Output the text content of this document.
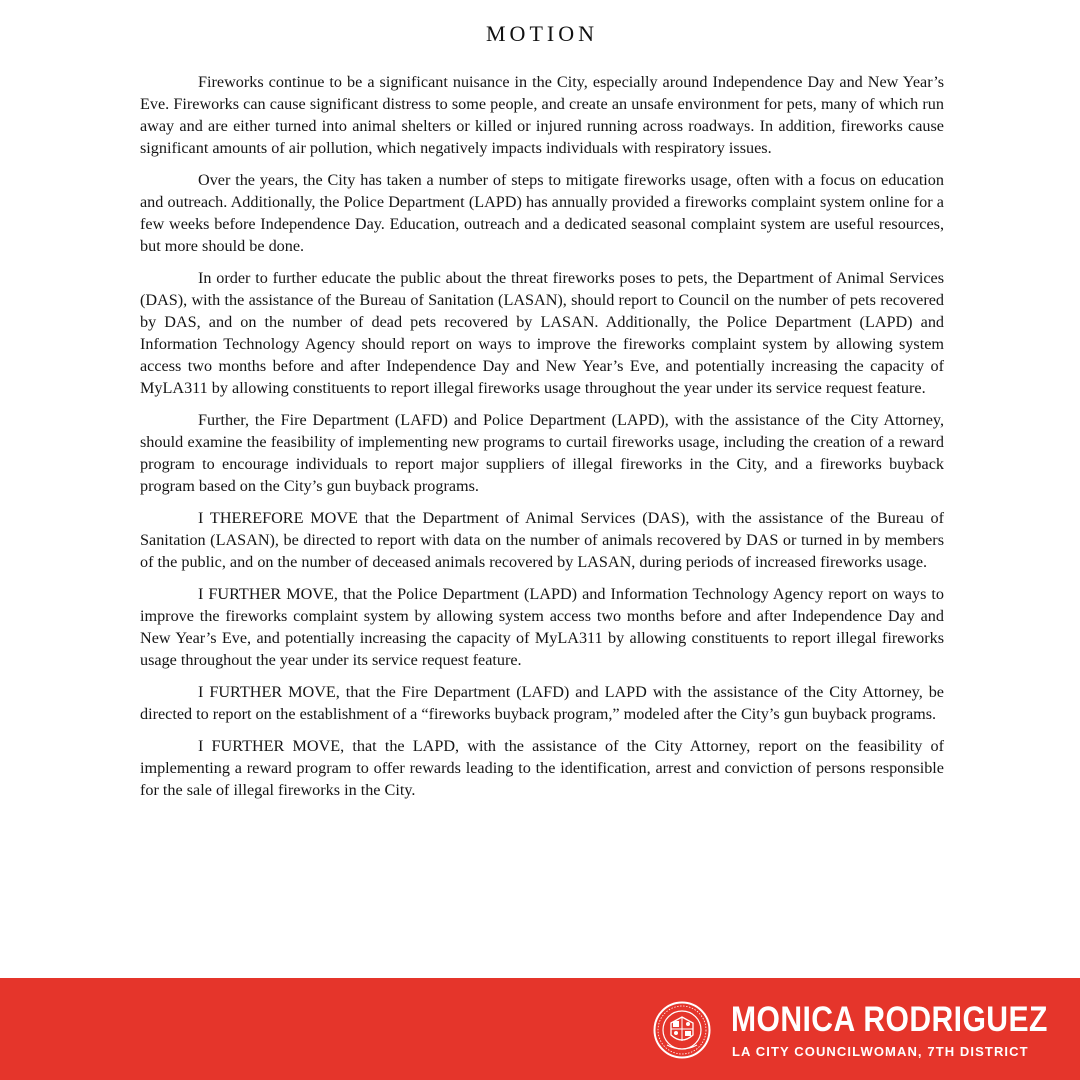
MOTION

Fireworks continue to be a significant nuisance in the City, especially around Independence Day and New Year’s Eve. Fireworks can cause significant distress to some people, and create an unsafe environment for pets, many of which run away and are either turned into animal shelters or killed or injured running across roadways. In addition, fireworks cause significant amounts of air pollution, which negatively impacts individuals with respiratory issues.

Over the years, the City has taken a number of steps to mitigate fireworks usage, often with a focus on education and outreach. Additionally, the Police Department (LAPD) has annually provided a fireworks complaint system online for a few weeks before Independence Day. Education, outreach and a dedicated seasonal complaint system are useful resources, but more should be done.

In order to further educate the public about the threat fireworks poses to pets, the Department of Animal Services (DAS), with the assistance of the Bureau of Sanitation (LASAN), should report to Council on the number of pets recovered by DAS, and on the number of dead pets recovered by LASAN. Additionally, the Police Department (LAPD) and Information Technology Agency should report on ways to improve the fireworks complaint system by allowing system access two months before and after Independence Day and New Year’s Eve, and potentially increasing the capacity of MyLA311 by allowing constituents to report illegal fireworks usage throughout the year under its service request feature.

Further, the Fire Department (LAFD) and Police Department (LAPD), with the assistance of the City Attorney, should examine the feasibility of implementing new programs to curtail fireworks usage, including the creation of a reward program to encourage individuals to report major suppliers of illegal fireworks in the City, and a fireworks buyback program based on the City’s gun buyback programs.

I THEREFORE MOVE that the Department of Animal Services (DAS), with the assistance of the Bureau of Sanitation (LASAN), be directed to report with data on the number of animals recovered by DAS or turned in by members of the public, and on the number of deceased animals recovered by LASAN, during periods of increased fireworks usage.

I FURTHER MOVE, that the Police Department (LAPD) and Information Technology Agency report on ways to improve the fireworks complaint system by allowing system access two months before and after Independence Day and New Year’s Eve, and potentially increasing the capacity of MyLA311 by allowing constituents to report illegal fireworks usage throughout the year under its service request feature.

I FURTHER MOVE, that the Fire Department (LAFD) and LAPD with the assistance of the City Attorney, be directed to report on the establishment of a “fireworks buyback program,” modeled after the City’s gun buyback programs.

I FURTHER MOVE, that the LAPD, with the assistance of the City Attorney, report on the feasibility of implementing a reward program to offer rewards leading to the identification, arrest and conviction of persons responsible for the sale of illegal fireworks in the City.

MONICA RODRIGUEZ
LA CITY COUNCILWOMAN, 7TH DISTRICT
